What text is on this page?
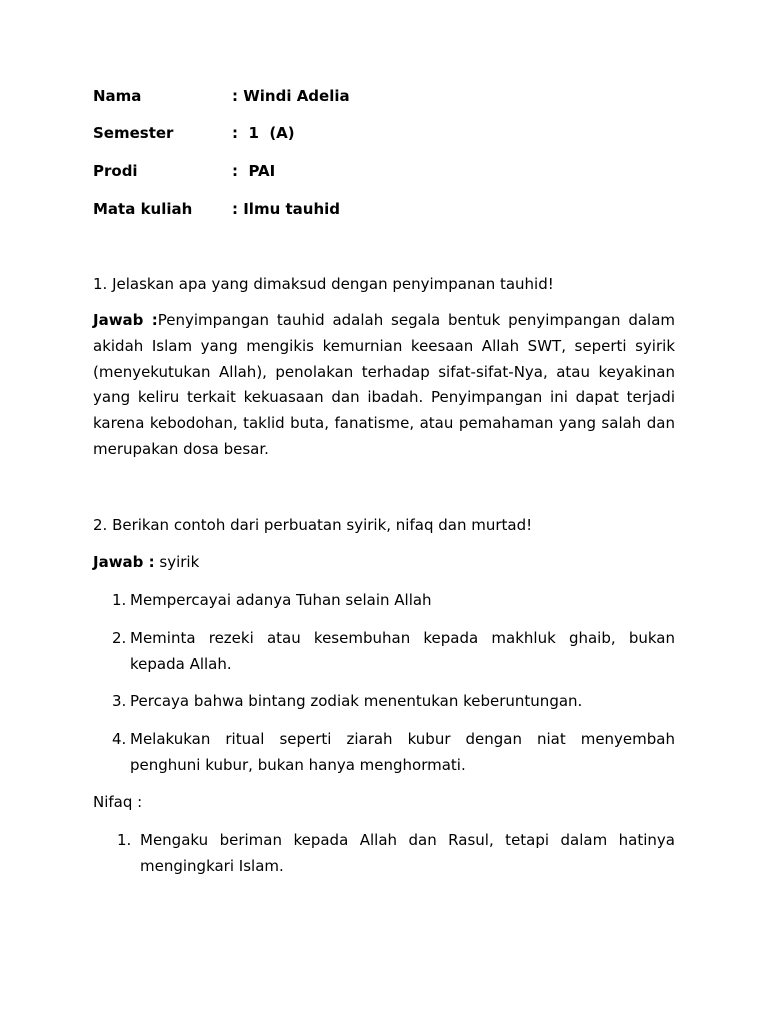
Nama	: Windi Adelia
Semester	:  1  (A)
Prodi	:  PAI
Mata kuliah	: Ilmu tauhid
1. Jelaskan apa yang dimaksud dengan penyimpanan tauhid!
Jawab :Penyimpangan tauhid adalah segala bentuk penyimpangan dalam akidah Islam yang mengikis kemurnian keesaan Allah SWT, seperti syirik (menyekutukan Allah), penolakan terhadap sifat-sifat-Nya, atau keyakinan yang keliru terkait kekuasaan dan ibadah. Penyimpangan ini dapat terjadi karena kebodohan, taklid buta, fanatisme, atau pemahaman yang salah dan merupakan dosa besar.
2. Berikan contoh dari perbuatan syirik, nifaq dan murtad!
Jawab : syirik
1. Mempercayai adanya Tuhan selain Allah
2. Meminta rezeki atau kesembuhan kepada makhluk ghaib, bukan kepada Allah.
3. Percaya bahwa bintang zodiak menentukan keberuntungan.
4. Melakukan ritual seperti ziarah kubur dengan niat menyembah penghuni kubur, bukan hanya menghormati.
Nifaq :
1. Mengaku beriman kepada Allah dan Rasul, tetapi dalam hatinya mengingkari Islam.
